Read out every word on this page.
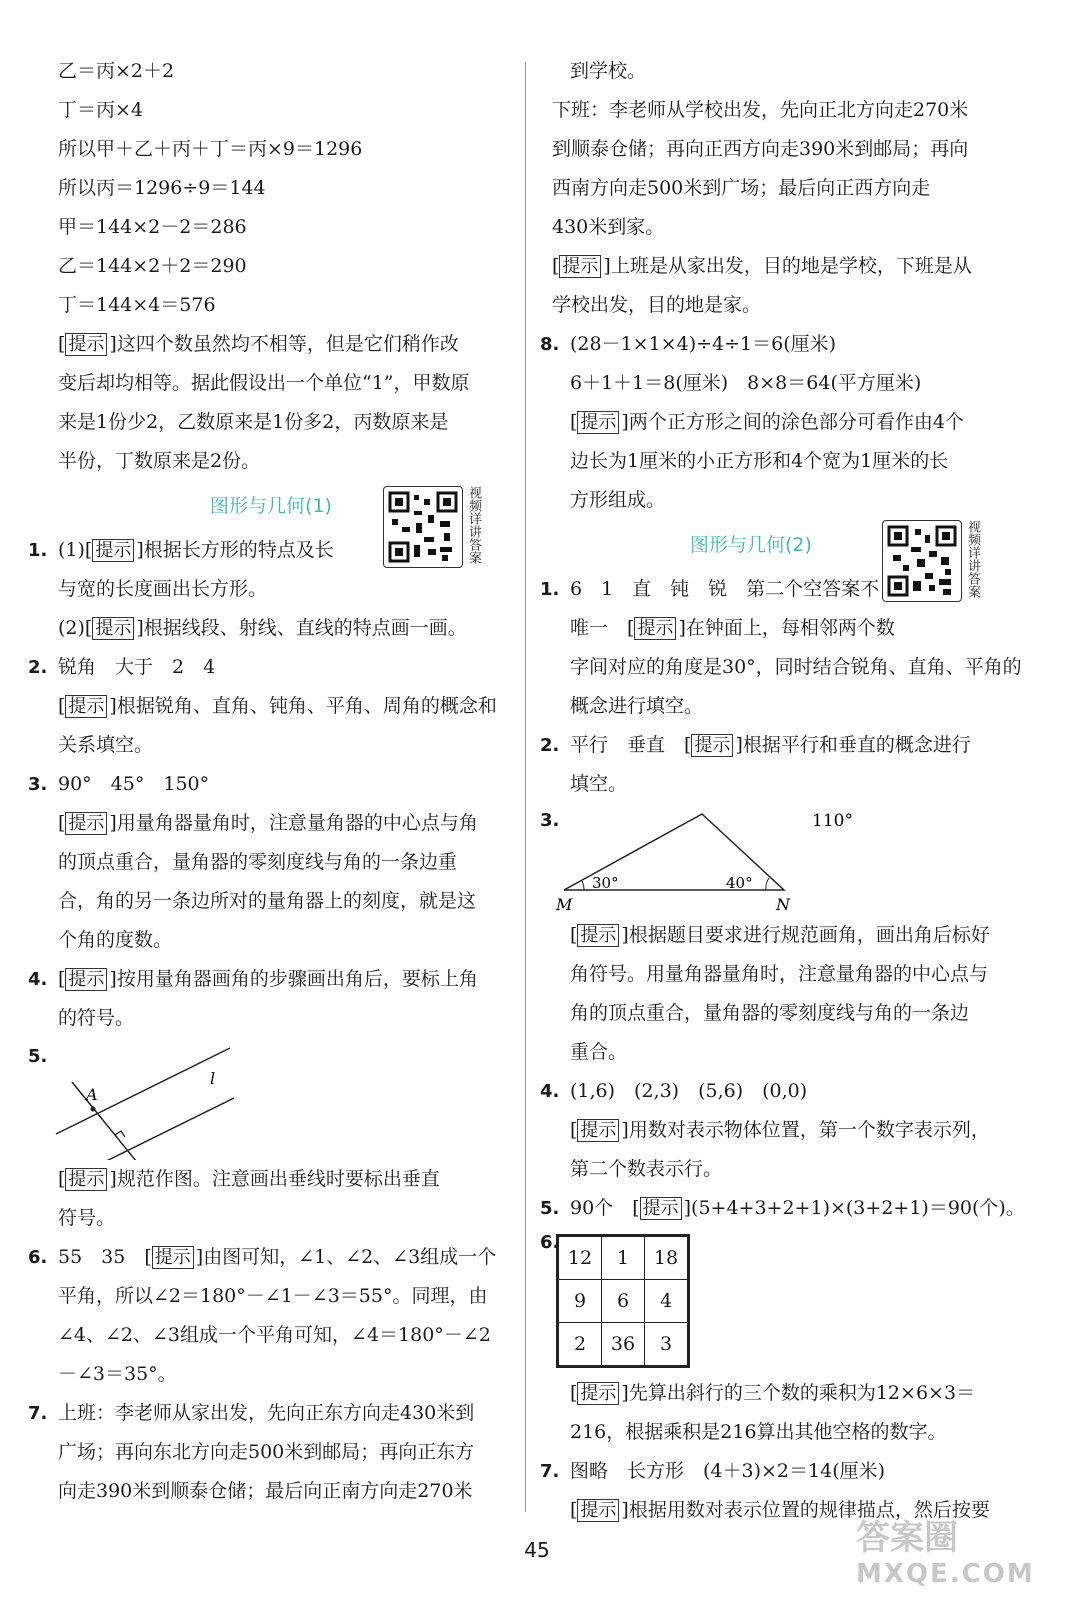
乙＝丙×2＋2
丁＝丙×4
所以甲＋乙＋丙＋丁＝丙×9＝1296
所以丙＝1296÷9＝144
甲＝144×2－2＝286
乙＝144×2＋2＝290
丁＝144×4＝576
[ 提示 ]这四个数虽然均不相等，但是它们稍作改
变后却均相等。据此假设出一个单位“1”，甲数原
来是1份少2，乙数原来是1份多2，丙数原来是
半份，丁数原来是2份。
图形与几何(1)
1. (1)[ 提示 ]根据长方形的特点及长
与宽的长度画出长方形。
(2)[ 提示 ]根据线段、射线、直线的特点画一画。
2. 锐角　大于　2　4
[ 提示 ]根据锐角、直角、钝角、平角、周角的概念和
关系填空。
3. 90°　45°　150°
[ 提示 ]用量角器量角时，注意量角器的中心点与角
的顶点重合，量角器的零刻度线与角的一条边重
合，角的另一条边所对的量角器上的刻度，就是这
个角的度数。
4. [ 提示 ]按用量角器画角的步骤画出角后，要标上角
的符号。
5.
A
l
[ 提示 ]规范作图。注意画出垂线时要标出垂直
符号。
6. 55　35　[ 提示 ]由图可知，∠1、∠2、∠3组成一个
平角，所以∠2＝180°－∠1－∠3＝55°。同理，由
∠4、∠2、∠3组成一个平角可知，∠4＝180°－∠2
－∠3＝35°。
7. 上班：李老师从家出发，先向正东方向走430米到
广场；再向东北方向走500米到邮局；再向正东方
向走390米到顺泰仓储；最后向正南方向走270米
视频详讲答案
到学校。
下班：李老师从学校出发，先向正北方向走270米
到顺泰仓储；再向正西方向走390米到邮局；再向
西南方向走500米到广场；最后向正西方向走
430米到家。
[ 提示 ]上班是从家出发，目的地是学校，下班是从
学校出发，目的地是家。
8. (28－1×1×4)÷4÷1＝6(厘米)
6＋1＋1＝8(厘米)　8×8＝64(平方厘米)
[ 提示 ]两个正方形之间的涂色部分可看作由4个
边长为1厘米的小正方形和4个宽为1厘米的长
方形组成。
图形与几何(2)
1. 6　1　直　钝　锐　第二个空答案不
唯一　[ 提示 ]在钟面上，每相邻两个数
字间对应的角度是30°，同时结合锐角、直角、平角的
概念进行填空。
2. 平行　垂直　[ 提示 ]根据平行和垂直的概念进行
填空。
3.
30°	40°
M	N
110°
[ 提示 ]根据题目要求进行规范画角，画出角后标好
角符号。用量角器量角时，注意量角器的中心点与
角的顶点重合，量角器的零刻度线与角的一条边
重合。
4. (1,6)　(2,3)　(5,6)　(0,0)
[ 提示 ]用数对表示物体位置，第一个数字表示列，
第二个数表示行。
5. 90个　[ 提示 ](5+4+3+2+1)×(3+2+1)＝90(个)。
6.
12	1	18
9	6	4
2	36	3
[ 提示 ]先算出斜行的三个数的乘积为12×6×3＝
216，根据乘积是216算出其他空格的数字。
7. 图略　长方形　(4＋3)×2＝14(厘米)
[ 提示 ]根据用数对表示位置的规律描点，然后按要
视频详讲答案
45	答案圈
MXQE.COM
